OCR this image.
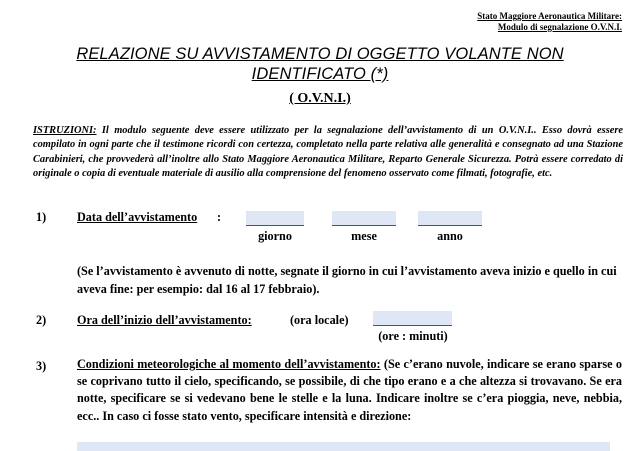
Stato Maggiore Aeronautica Militare:
Modulo di segnalazione O.V.N.I.
RELAZIONE SU AVVISTAMENTO DI OGGETTO VOLANTE NON IDENTIFICATO (*)
( O.V.N.I.)
ISTRUZIONI: Il modulo seguente deve essere utilizzato per la segnalazione dell’avvistamento di un O.V.N.I.. Esso dovrà essere compilato in ogni parte che il testimone ricordi con certezza, completato nella parte relativa alle generalità e consegnato ad una Stazione Carabinieri, che provvederà all’inoltre allo Stato Maggiore Aeronautica Militare, Reparto Generale Sicurezza. Potrà essere corredato di originale o copia di eventuale materiale di ausilio alla comprensione del fenomeno osservato come filmati, fotografie, etc.
1)	Data dell’avvistamento :
giorno	mese	anno
(Se l’avvistamento è avvenuto di notte, segnate il giorno in cui l’avvistamento aveva inizio e quello in cui aveva fine: per esempio: dal 16 al 17 febbraio).
2)	Ora dell’inizio dell’avvistamento:	(ora locale)
(ore : minuti)
3)	Condizioni meteorologiche al momento dell’avvistamento: (Se c’erano nuvole, indicare se erano sparse o se coprivano tutto il cielo, specificando, se possibile, di che tipo erano e a che altezza si trovavano. Se era notte, specificare se si vedevano bene le stelle e la luna. Indicare inoltre se c’era pioggia, neve, nebbia, ecc.. In caso ci fosse stato vento, specificare intensità e direzione:
